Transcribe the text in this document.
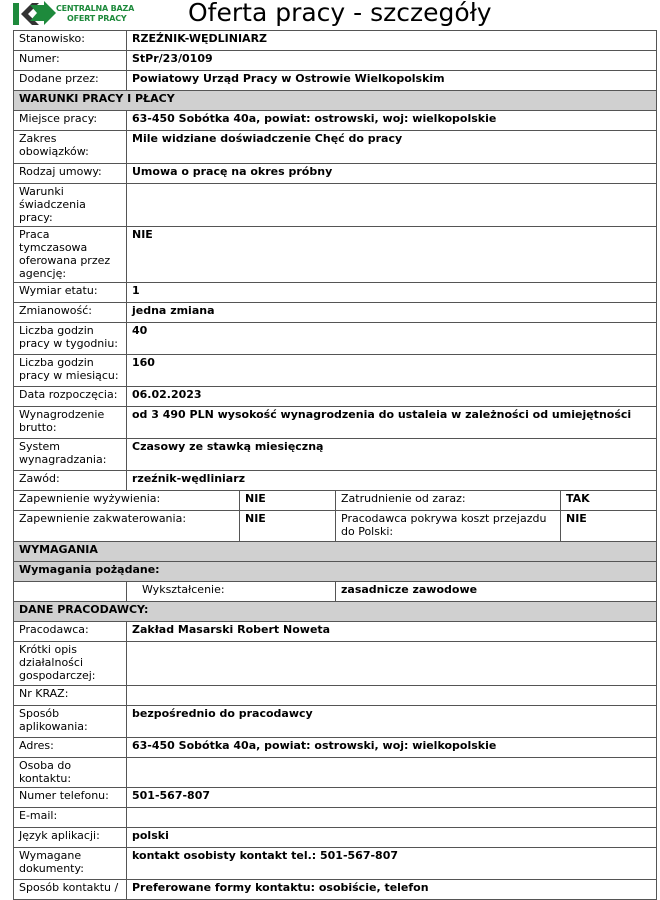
CENTRALNA BAZA
OFERT PRACY Oferta pracy - szczegóły
Stanowisko:	RZEŹNIK-WĘDLINIARZ			
Numer:	StPr/23/0109			
Dodane przez:	Powiatowy Urząd Pracy w Ostrowie Wielkopolskim			
WARUNKI PRACY I PŁACY				
Miejsce pracy:	63-450 Sobótka 40a, powiat: ostrowski, woj: wielkopolskie			
Zakres obowiązków:	Mile widziane doświadczenie Chęć do pracy			
Rodzaj umowy:	Umowa o pracę na okres próbny			
Warunki świadczenia pracy:				
Praca tymczasowa oferowana przez agencję:	NIE			
Wymiar etatu:	1			
Zmianowość:	jedna zmiana			
Liczba godzin pracy w tygodniu:	40			
Liczba godzin pracy w miesiącu:	160			
Data rozpoczęcia:	06.02.2023			
Wynagrodzenie brutto:	od 3 490 PLN wysokość wynagrodzenia do ustaleia w zależności od umiejętności			
System wynagradzania:	Czasowy ze stawką miesięczną			
Zawód:	rzeźnik-wędliniarz			
Zapewnienie wyżywienia:		NIE	Zatrudnienie od zaraz:	TAK
Zapewnienie zakwaterowania:		NIE	Pracodawca pokrywa koszt przejazdu do Polski:	NIE
WYMAGANIA				
Wymagania pożądane:				
	Wykształcenie:		zasadnicze zawodowe	
DANE PRACODAWCY:				
Pracodawca:	Zakład Masarski Robert Noweta			
Krótki opis działalności gospodarczej:				
Nr KRAZ:				
Sposób aplikowania:	bezpośrednio do pracodawcy			
Adres:	63-450 Sobótka 40a, powiat: ostrowski, woj: wielkopolskie			
Osoba do kontaktu:				
Numer telefonu:	501-567-807			
E-mail:				
Język aplikacji:	polski			
Wymagane dokumenty:	kontakt osobisty kontakt tel.: 501-567-807			
Sposób kontaktu /	Preferowane formy kontaktu: osobiście, telefon			
